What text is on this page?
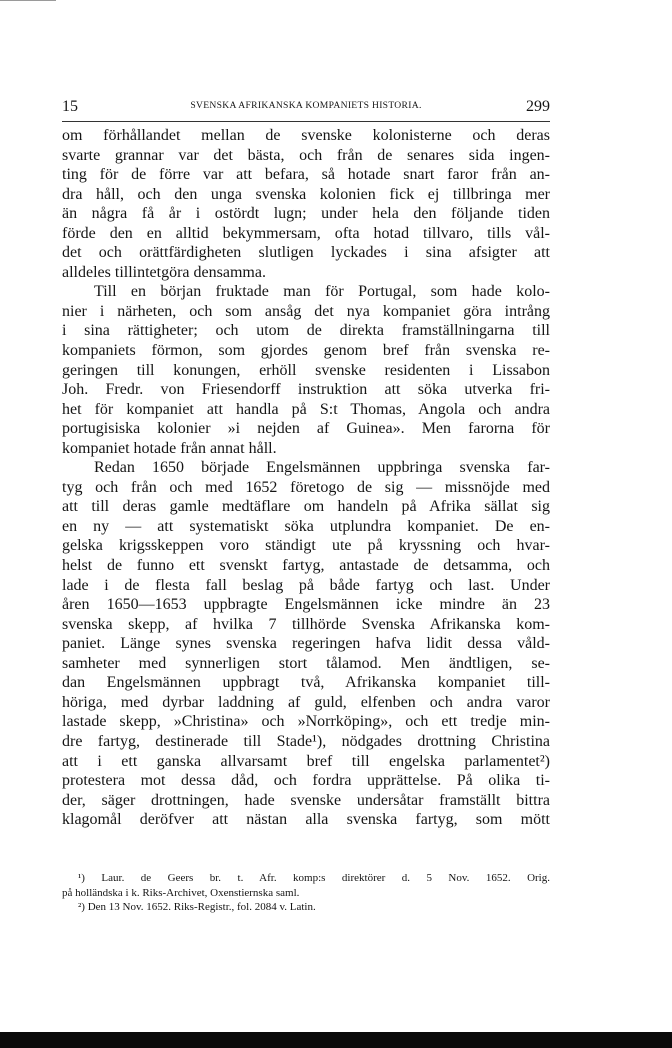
15	SVENSKA AFRIKANSKA KOMPANIETS HISTORIA.	299
om förhållandet mellan de svenske kolonisterne och deras
svarte grannar var det bästa, och från de senares sida ingen-
ting för de förre var att befara, så hotade snart faror från an-
dra håll, och den unga svenska kolonien fick ej tillbringa mer
än några få år i ostördt lugn; under hela den följande tiden
förde den en alltid bekymmersam, ofta hotad tillvaro, tills vål-
det och orättfärdigheten slutligen lyckades i sina afsigter att
alldeles tillintetgöra densamma.
Till en början fruktade man för Portugal, som hade kolo-
nier i närheten, och som ansåg det nya kompaniet göra intrång
i sina rättigheter; och utom de direkta framställningarna till
kompaniets förmon, som gjordes genom bref från svenska re-
geringen till konungen, erhöll svenske residenten i Lissabon
Joh. Fredr. von Friesendorff instruktion att söka utverka fri-
het för kompaniet att handla på S:t Thomas, Angola och andra
portugisiska kolonier »i nejden af Guinea». Men farorna för
kompaniet hotade från annat håll.
Redan 1650 började Engelsmännen uppbringa svenska far-
tyg och från och med 1652 företogo de sig — missnöjde med
att till deras gamle medtäflare om handeln på Afrika sällat sig
en ny — att systematiskt söka utplundra kompaniet. De en-
gelska krigsskeppen voro ständigt ute på kryssning och hvar-
helst de funno ett svenskt fartyg, antastade de detsamma, och
lade i de flesta fall beslag på både fartyg och last. Under
åren 1650—1653 uppbragte Engelsmännen icke mindre än 23
svenska skepp, af hvilka 7 tillhörde Svenska Afrikanska kom-
paniet. Länge synes svenska regeringen hafva lidit dessa våld-
samheter med synnerligen stort tålamod. Men ändtligen, se-
dan Engelsmännen uppbragt två, Afrikanska kompaniet till-
höriga, med dyrbar laddning af guld, elfenben och andra varor
lastade skepp, »Christina» och »Norrköping», och ett tredje min-
dre fartyg, destinerade till Stade¹), nödgades drottning Christina
att i ett ganska allvarsamt bref till engelska parlamentet²)
protestera mot dessa dåd, och fordra upprättelse. På olika ti-
der, säger drottningen, hade svenske undersåtar framställt bittra
klagomål deröfver att nästan alla svenska fartyg, som mött
¹) Laur. de Geers br. t. Afr. komp:s direktörer d. 5 Nov. 1652. Orig.
på holländska i k. Riks-Archivet, Oxenstiernska saml.
²) Den 13 Nov. 1652. Riks-Registr., fol. 2084 v. Latin.
